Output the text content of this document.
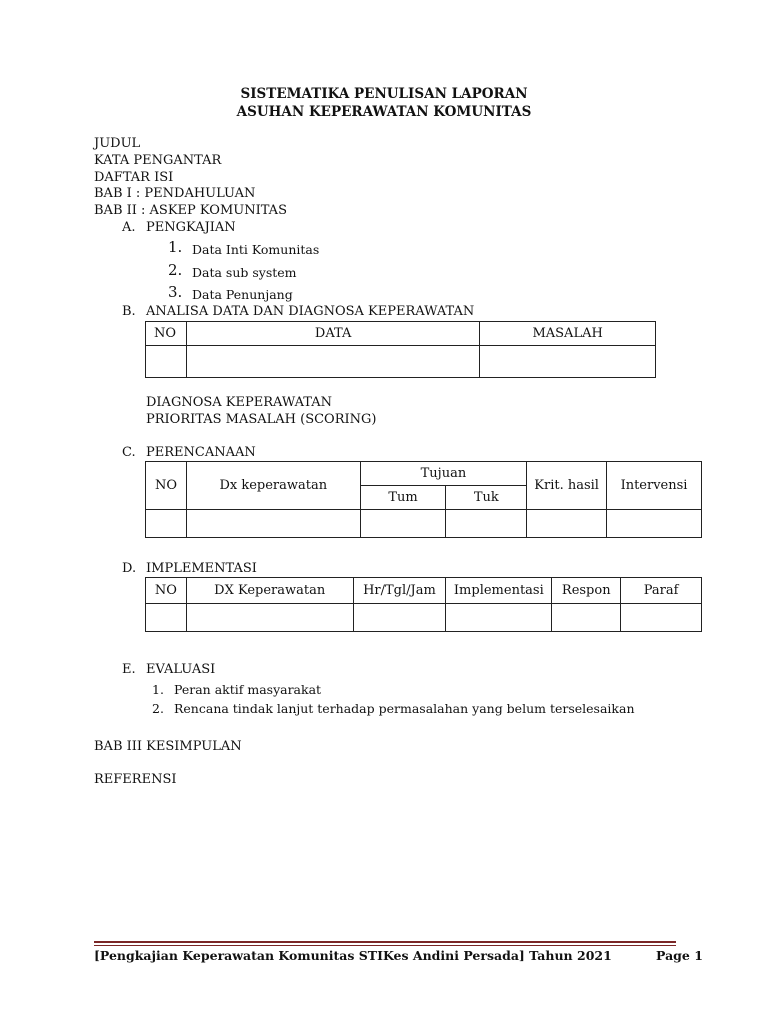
SISTEMATIKA PENULISAN LAPORAN
ASUHAN KEPERAWATAN KOMUNITAS
JUDUL
KATA PENGANTAR
DAFTAR ISI
BAB I : PENDAHULUAN
BAB II : ASKEP KOMUNITAS
A. PENGKAJIAN
1. Data Inti Komunitas
2. Data sub system
3. Data Penunjang
B. ANALISA DATA DAN DIAGNOSA KEPERAWATAN
NO	DATA	MASALAH

DIAGNOSA KEPERAWATAN
PRIORITAS MASALAH (SCORING)
C. PERENCANAAN
NO	Dx keperawatan	Tujuan		Krit. hasil	Intervensi
		Tum	Tuk		

D. IMPLEMENTASI
NO	DX Keperawatan	Hr/Tgl/Jam	Implementasi	Respon	Paraf

E. EVALUASI
1. Peran aktif masyarakat
2. Rencana tindak lanjut terhadap permasalahan yang belum terselesaikan
BAB III KESIMPULAN
REFERENSI
[Pengkajian Keperawatan Komunitas STIKes Andini Persada] Tahun 2021	Page 1
